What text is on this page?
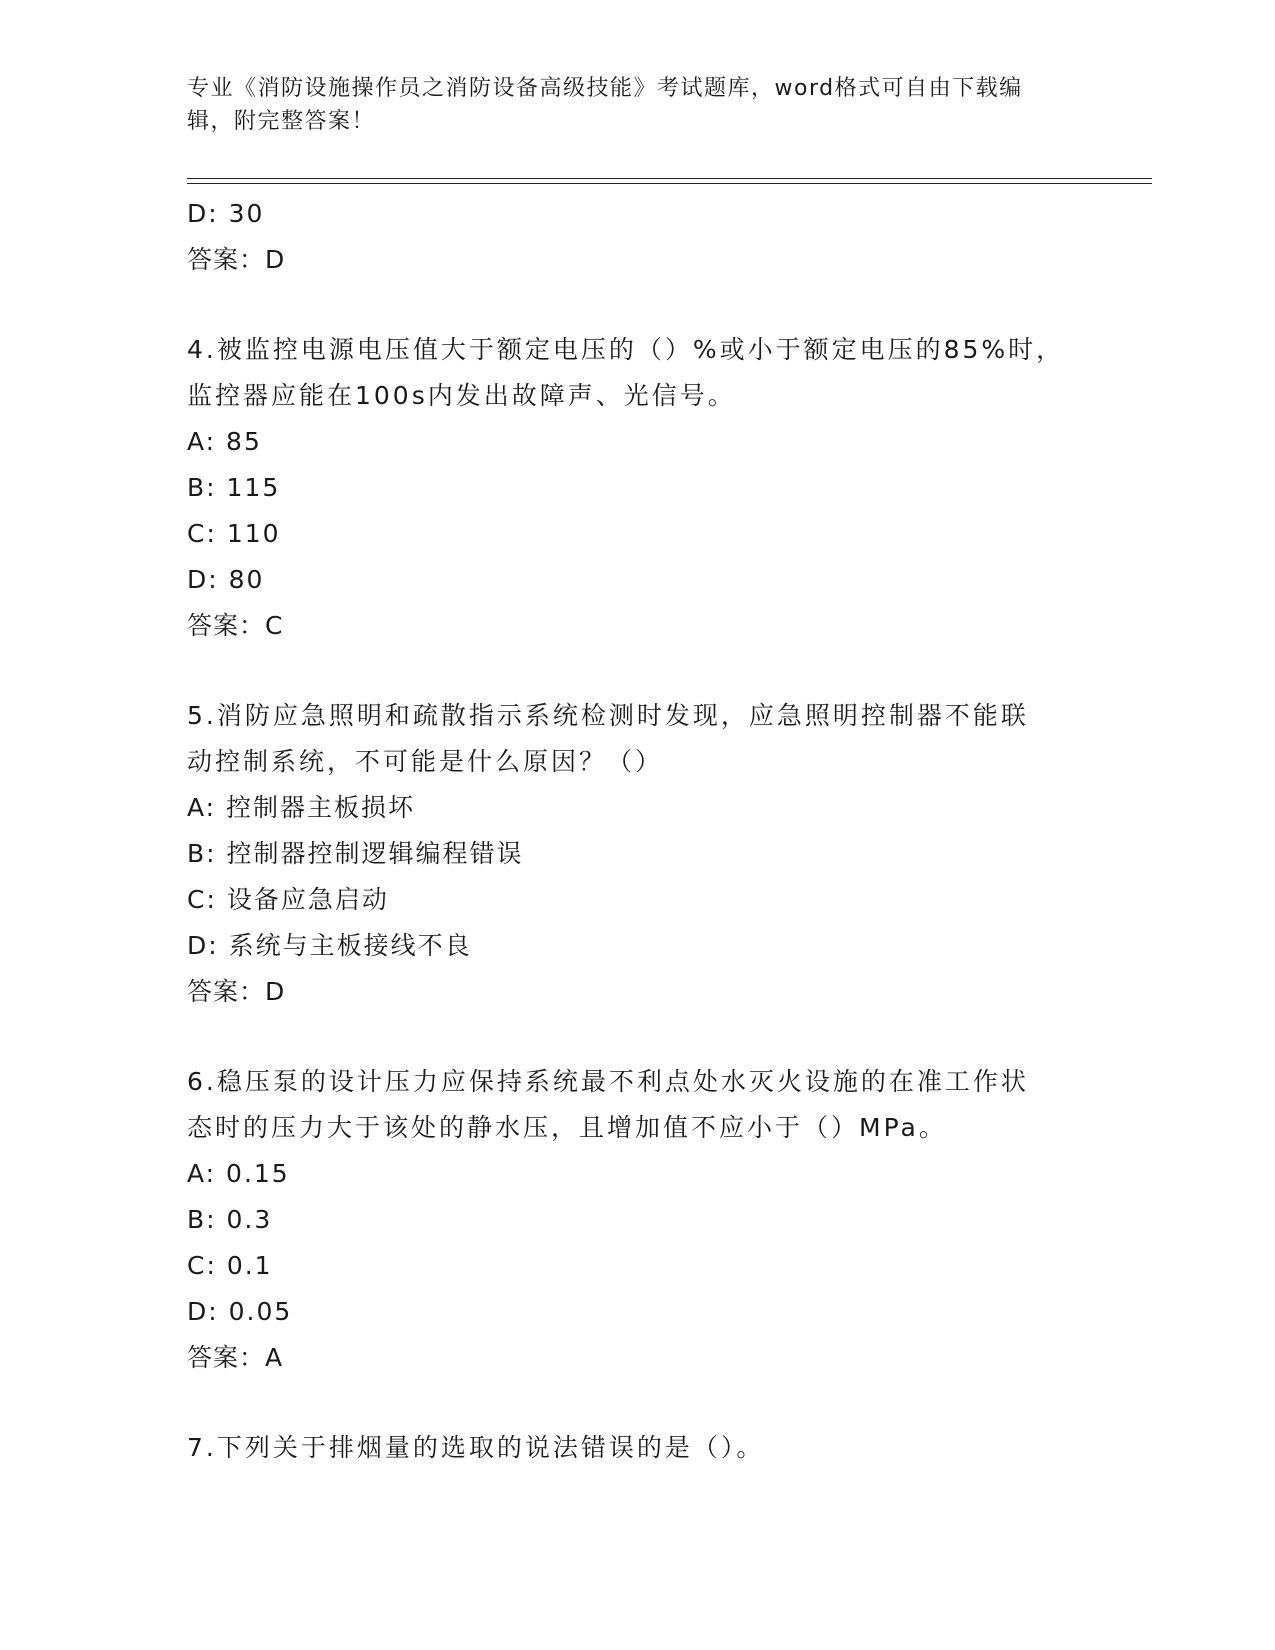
专业《消防设施操作员之消防设备高级技能》考试题库，word格式可自由下载编
辑，附完整答案！
D: 30
答案：D
4.被监控电源电压值大于额定电压的（）%或小于额定电压的85%时，
监控器应能在100s内发出故障声、光信号。
A: 85
B: 115
C: 110
D: 80
答案：C
5.消防应急照明和疏散指示系统检测时发现，应急照明控制器不能联
动控制系统，不可能是什么原因？（）
A: 控制器主板损坏
B: 控制器控制逻辑编程错误
C: 设备应急启动
D: 系统与主板接线不良
答案：D
6.稳压泵的设计压力应保持系统最不利点处水灭火设施的在准工作状
态时的压力大于该处的静水压，且增加值不应小于（）MPa。
A: 0.15
B: 0.3
C: 0.1
D: 0.05
答案：A
7.下列关于排烟量的选取的说法错误的是（）。
